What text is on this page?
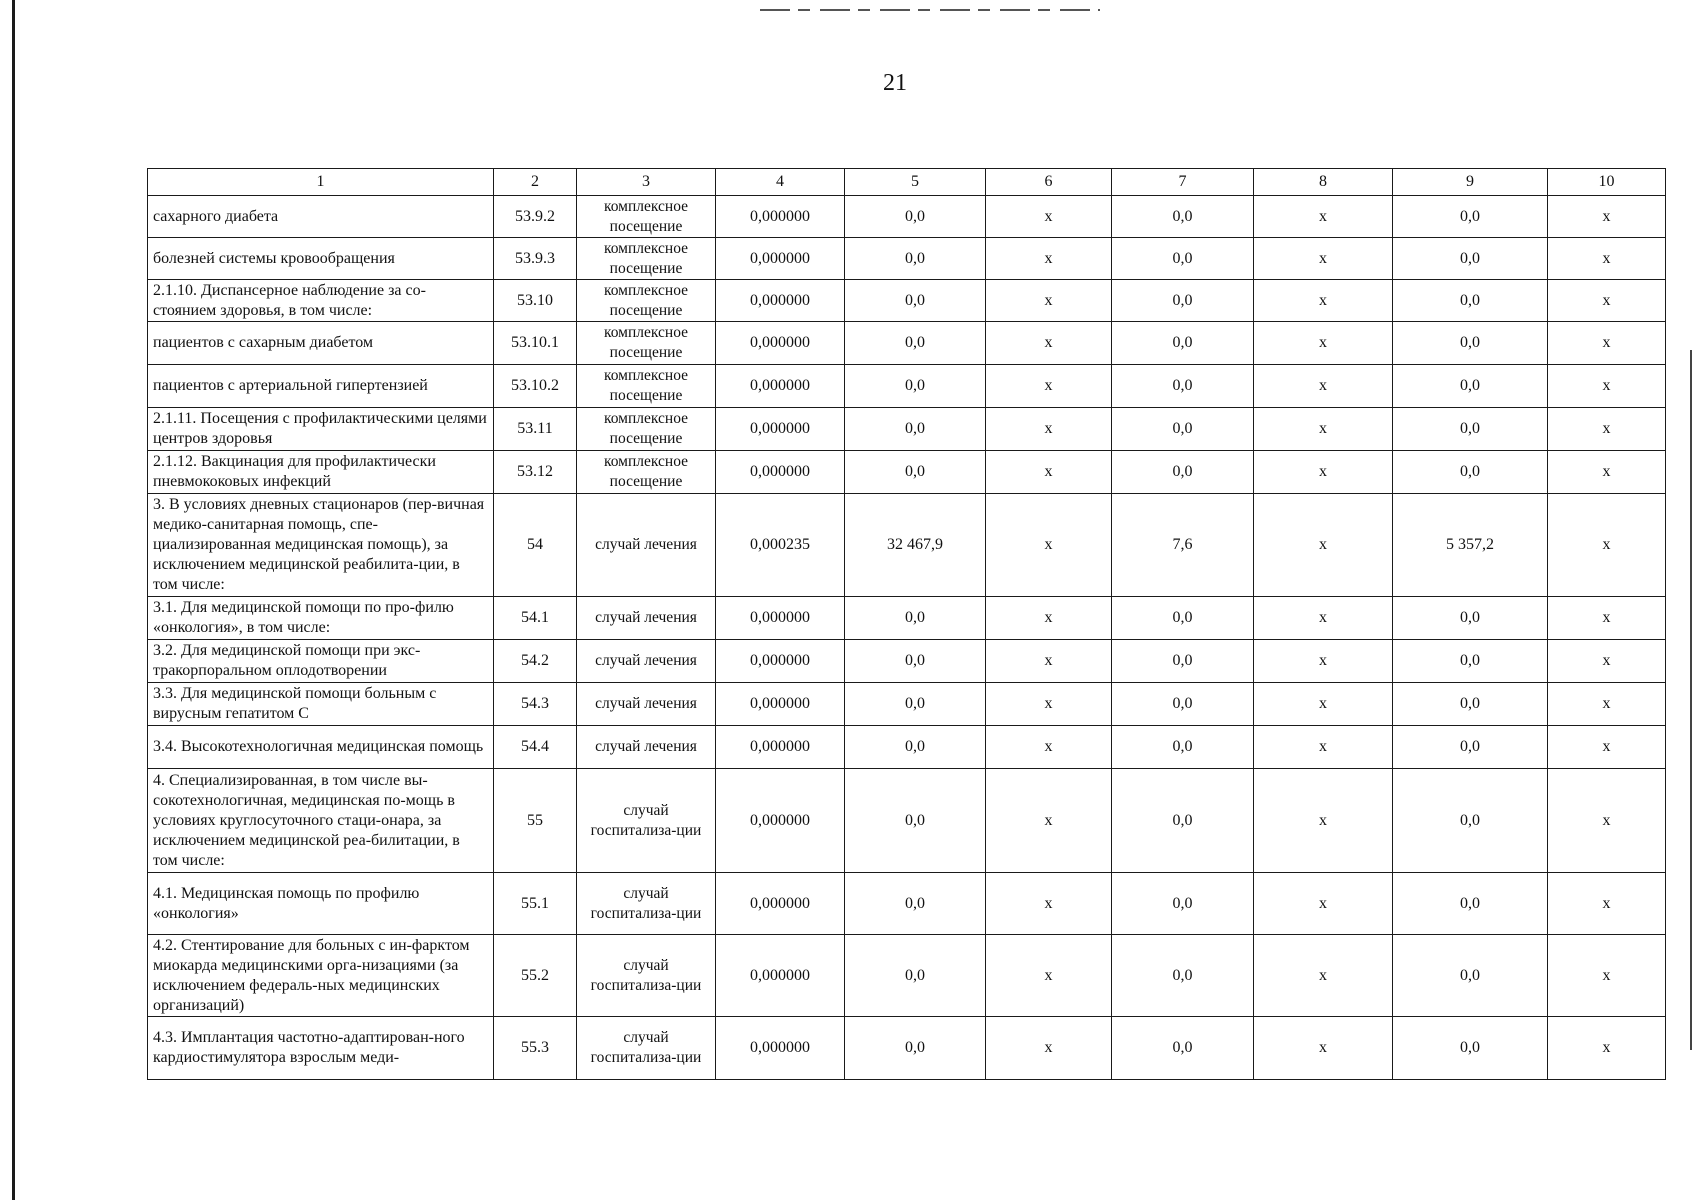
21
1	2	3	4	5	6	7	8	9	10
сахарного диабета	53.9.2	комплексное посещение	0,000000	0,0	х	0,0	х	0,0	х
болезней системы кровообращения	53.9.3	комплексное посещение	0,000000	0,0	х	0,0	х	0,0	х
2.1.10. Диспансерное наблюдение за со-стоянием здоровья, в том числе:	53.10	комплексное посещение	0,000000	0,0	х	0,0	х	0,0	х
пациентов с сахарным диабетом	53.10.1	комплексное посещение	0,000000	0,0	х	0,0	х	0,0	х
пациентов с артериальной гипертензией	53.10.2	комплексное посещение	0,000000	0,0	х	0,0	х	0,0	х
2.1.11. Посещения с профилактическими целями центров здоровья	53.11	комплексное посещение	0,000000	0,0	х	0,0	х	0,0	х
2.1.12. Вакцинация для профилактически пневмококовых инфекций	53.12	комплексное посещение	0,000000	0,0	х	0,0	х	0,0	х
3. В условиях дневных стационаров (пер-вичная медико-санитарная помощь, спе-циализированная медицинская помощь), за исключением медицинской реабилита-ции, в том числе:	54	случай лечения	0,000235	32 467,9	х	7,6	х	5 357,2	х
3.1. Для медицинской помощи по про-филю «онкология», в том числе:	54.1	случай лечения	0,000000	0,0	х	0,0	х	0,0	х
3.2. Для медицинской помощи при экс-тракорпоральном оплодотворении	54.2	случай лечения	0,000000	0,0	х	0,0	х	0,0	х
3.3. Для медицинской помощи больным с вирусным гепатитом С	54.3	случай лечения	0,000000	0,0	х	0,0	х	0,0	х
3.4. Высокотехнологичная медицинская помощь	54.4	случай лечения	0,000000	0,0	х	0,0	х	0,0	х
4. Специализированная, в том числе вы-сокотехнологичная, медицинская по-мощь в условиях круглосуточного стаци-онара, за исключением медицинской реа-билитации, в том числе:	55	случай госпитализа-ции	0,000000	0,0	х	0,0	х	0,0	х
4.1. Медицинская помощь по профилю «онкология»	55.1	случай госпитализа-ции	0,000000	0,0	х	0,0	х	0,0	х
4.2. Стентирование для больных с ин-фарктом миокарда медицинскими орга-низациями (за исключением федераль-ных медицинских организаций)	55.2	случай госпитализа-ции	0,000000	0,0	х	0,0	х	0,0	х
4.3. Имплантация частотно-адаптирован-ного кардиостимулятора взрослым меди-	55.3	случай госпитализа-ции	0,000000	0,0	х	0,0	х	0,0	х
